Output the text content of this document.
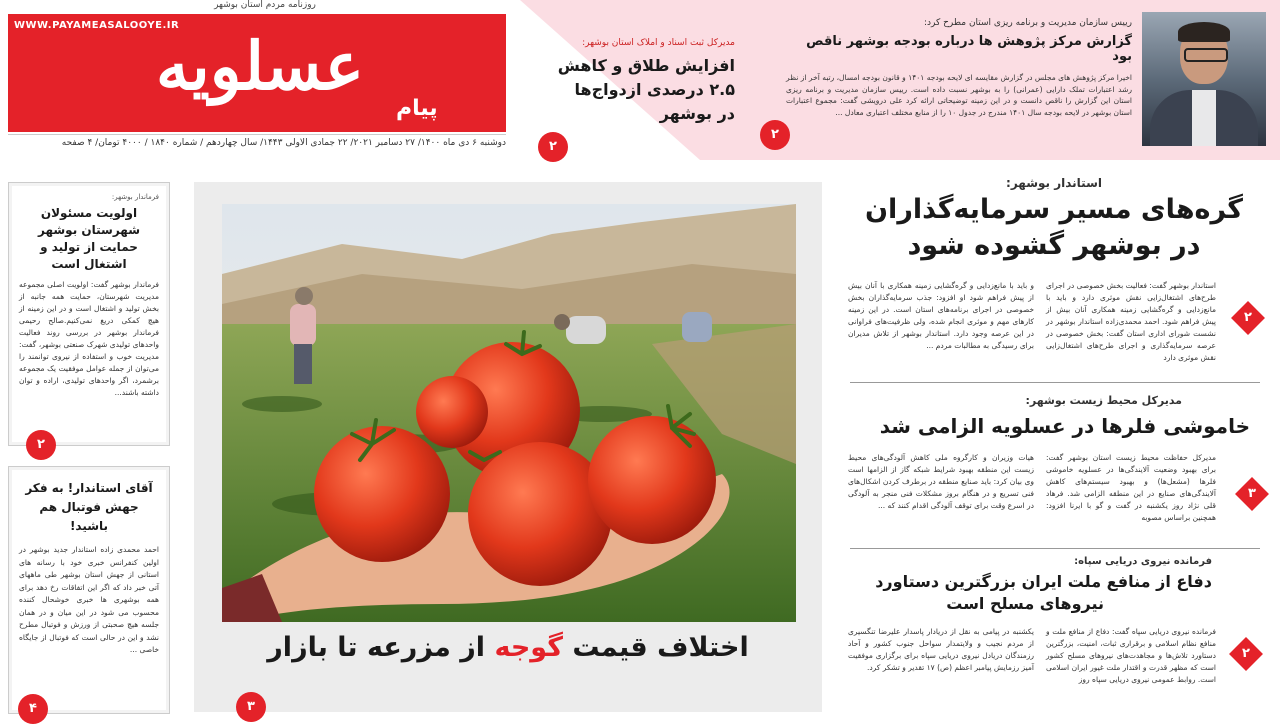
روزنامه مردم استان بوشهر
WWW.PAYAMEASALOOYE.IR
عسلویه
پیام
دوشنبه ۶ دی ماه ۱۴۰۰/ ۲۷ دسامبر ۲۰۲۱/ ۲۲ جمادی الاولی ۱۴۴۳/ سال چهاردهم / شماره ۱۸۴۰ / ۴۰۰۰ تومان/ ۴ صفحه
مدیرکل ثبت اسناد و املاک استان بوشهر:
افزایش طلاق و کاهش
۲.۵ درصدی ازدواج‌ها
در بوشهر
۲
رییس سازمان مدیریت و برنامه ریزی استان مطرح کرد:
گزارش مرکز پژوهش ها درباره بودجه بوشهر ناقص بود
اخیرا مرکز پژوهش های مجلس در گزارش مقایسه ای لایحه بودجه ۱۴۰۱ و قانون بودجه امسال، رتبه آخر از نظر رشد اعتبارات تملک دارایی (عمرانی) را به بوشهر نسبت داده است. رییس سازمان مدیریت و برنامه ریزی استان این گزارش را ناقص دانست و در این زمینه توضیحاتی ارائه کرد علی درویشی گفت: مجموع اعتبارات استان بوشهر در لایحه بودجه سال ۱۴۰۱ مندرج در جدول ۱۰ را از منابع مختلف اعتباری معادل ...
۲
فرماندار بوشهر:
اولویت مسئولان شهرستان بوشهر حمایت از تولید و اشتغال است
فرماندار بوشهر گفت: اولویت اصلی مجموعه مدیریت شهرستان، حمایت همه جانبه از بخش تولید و اشتغال است و در این زمینه از هیچ کمکی دریغ نمی‌کنیم.صالح رحیمی فرماندار بوشهر در بررسی روند فعالیت واحدهای تولیدی شهرک صنعتی بوشهر، گفت: مدیریت خوب و استفاده از نیروی توانمند را می‌توان از جمله عوامل موفقیت یک مجموعه برشمرد، اگر واحدهای تولیدی، اراده و توان داشته باشند...
۲
آقای استاندار! به فکر جهش فوتبال هم باشید!
احمد محمدی زاده استاندار جدید بوشهر در اولین کنفرانس خبری خود با رسانه های استانی از جهش استان بوشهر طی ماههای آتی خبر داد که اگر این اتفاقات رخ دهد برای همه بوشهری ها خبری خوشحال کننده محسوب می شود در این میان و در همان جلسه هیچ صحبتی از ورزش و فوتبال مطرح نشد و این در حالی است که فوتبال از جایگاه خاصی ...
۴
اختلاف قیمت گوجه از مزرعه تا بازار
۳
استاندار بوشهر:
گره‌های مسیر سرمایه‌گذاران
در بوشهر گشوده شود
استاندار بوشهر گفت: فعالیت بخش خصوصی در اجرای طرح‌های اشتغال‌زایی نقش موثری دارد و باید با مانع‌زدایی و گره‌گشایی زمینه همکاری آنان بیش از پیش فراهم شود. احمد محمدی‌زاده استاندار بوشهر در نشست شورای اداری استان گفت: بخش خصوصی در عرصه سرمایه‌گذاری و اجرای طرح‌های اشتغال‌زایی نقش موثری دارد
و باید با مانع‌زدایی و گره‌گشایی زمینه همکاری با آنان بیش از پیش فراهم شود او افزود: جذب سرمایه‌گذاران بخش خصوصی در اجرای برنامه‌های استان است. در این زمینه کارهای مهم و موثری انجام شده، ولی ظرفیت‌های فراوانی در این عرصه وجود دارد. استاندار بوشهر از تلاش مدیران برای رسیدگی به مطالبات مردم ...
۲
مدیرکل محیط زیست بوشهر:
خاموشی فلرها در عسلویه الزامی شد
مدیرکل حفاظت محیط زیست استان بوشهر گفت: برای بهبود وضعیت آلایندگی‌ها در عسلویه خاموشی فلرها (مشعل‌ها) و بهبود سیستم‌های کاهش آلایندگی‌های صنایع در این منطقه الزامی شد. فرهاد قلی نژاد روز یکشنبه در گفت و گو با ایرنا افزود: همچنین براساس مصوبه
هیات وزیران و کارگروه ملی کاهش آلودگی‌های محیط زیست این منطقه بهبود شرایط شبکه گاز از الزامها است وی بیان کرد: باید صنایع منطقه در برطرف کردن اشکال‌های فنی تسریع و در هنگام بروز مشکلات فنی منجر به آلودگی در اسرع وقت برای توقف آلودگی اقدام کنند که ...
۳
فرمانده نیروی دریایی سپاه:
دفاع از منافع ملت ایران بزرگترین دستاورد
نیروهای مسلح است
فرمانده نیروی دریایی سپاه گفت: دفاع از منافع ملت و منافع نظام اسلامی و برقراری ثبات، امنیت، بزرگترین دستاورد تلاش‌ها و مجاهدت‌های نیروهای مسلح کشور است که مظهر قدرت و اقتدار ملت غیور ایران اسلامی است. روابط عمومی نیروی دریایی سپاه روز
یکشنبه در پیامی به نقل از دریادار پاسدار علیرضا تنگسیری از مردم نجیب و ولایتمدار سواحل جنوب کشور و آحاد رزمندگان دریادل نیروی دریایی سپاه برای برگزاری موفقیت آمیز رزمایش پیامبر اعظم (ص) ۱۷ تقدیر و تشکر کرد.
۲
